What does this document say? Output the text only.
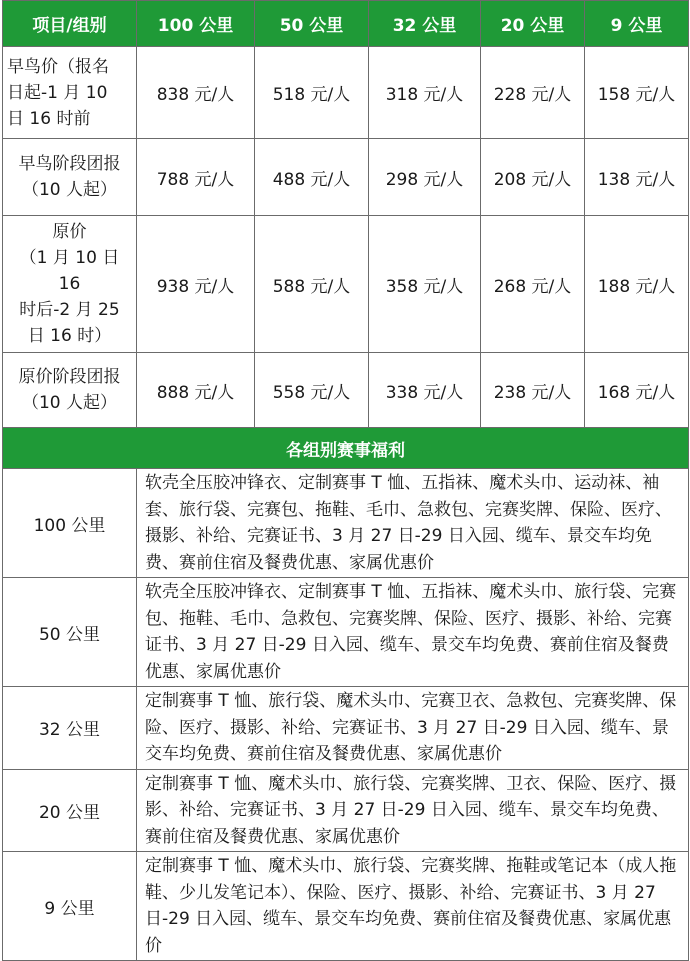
项目/组别	100 公里	50 公里	32 公里	20 公里	9 公里

早鸟价（报名
日起-1 月 10
日 16 时前	838 元/人	518 元/人	318 元/人	228 元/人	158 元/人

早鸟阶段团报
（10 人起）	788 元/人	488 元/人	298 元/人	208 元/人	138 元/人

原价
（1 月 10 日 16
时后-2 月 25
日 16 时）	938 元/人	588 元/人	358 元/人	268 元/人	188 元/人

原价阶段团报
（10 人起）	888 元/人	558 元/人	338 元/人	238 元/人	168 元/人
各组别赛事福利					
100 公里	软壳全压胶冲锋衣、定制赛事 T 恤、五指袜、魔术头巾、运动袜、袖套、旅行袋、完赛包、拖鞋、毛巾、急救包、完赛奖牌、保险、医疗、摄影、补给、完赛证书、3 月 27 日-29 日入园、缆车、景交车均免费、赛前住宿及餐费优惠、家属优惠价				
50 公里	软壳全压胶冲锋衣、定制赛事 T 恤、五指袜、魔术头巾、旅行袋、完赛包、拖鞋、毛巾、急救包、完赛奖牌、保险、医疗、摄影、补给、完赛证书、3 月 27 日-29 日入园、缆车、景交车均免费、赛前住宿及餐费优惠、家属优惠价				
32 公里	定制赛事 T 恤、旅行袋、魔术头巾、完赛卫衣、急救包、完赛奖牌、保险、医疗、摄影、补给、完赛证书、3 月 27 日-29 日入园、缆车、景交车均免费、赛前住宿及餐费优惠、家属优惠价				
20 公里	定制赛事 T 恤、魔术头巾、旅行袋、完赛奖牌、卫衣、保险、医疗、摄影、补给、完赛证书、3 月 27 日-29 日入园、缆车、景交车均免费、赛前住宿及餐费优惠、家属优惠价				
9 公里	定制赛事 T 恤、魔术头巾、旅行袋、完赛奖牌、拖鞋或笔记本（成人拖鞋、少儿发笔记本）、保险、医疗、摄影、补给、完赛证书、3 月 27 日-29 日入园、缆车、景交车均免费、赛前住宿及餐费优惠、家属优惠价				
